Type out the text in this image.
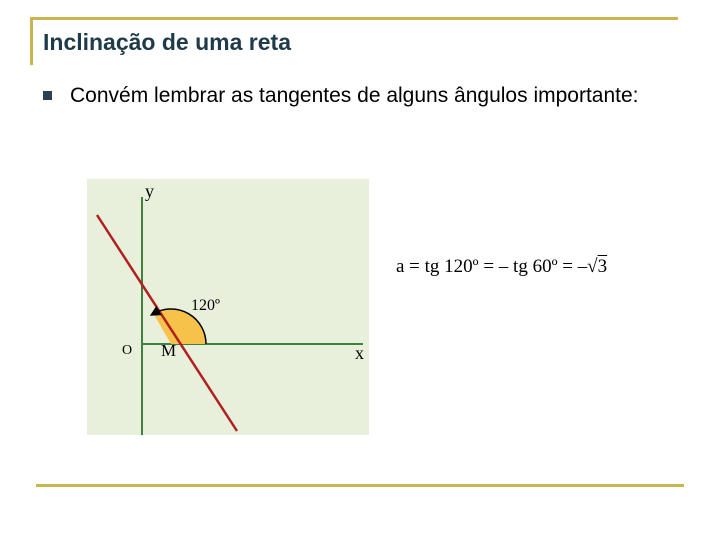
Inclinação de uma reta

Convém lembrar as tangentes de alguns ângulos importante:

y
x
O M
120º
a = tg 120º = – tg 60º = –√3
